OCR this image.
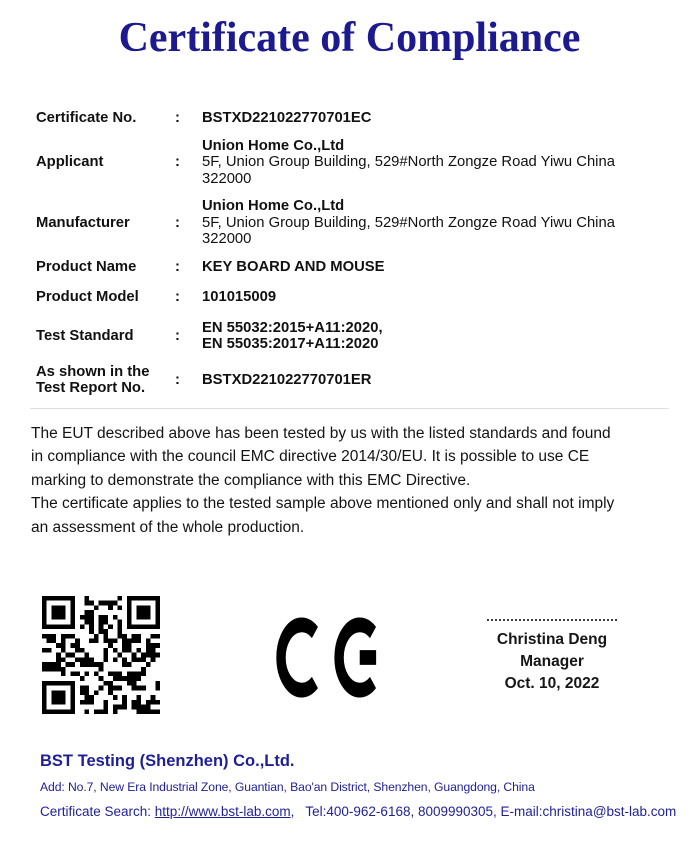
Certificate of Compliance
Certificate No.	:	BSTXD221022770701EC
Applicant	:
Union Home Co.,Ltd
5F, Union Group Building, 529#North Zongze Road Yiwu China
322000
Manufacturer	:
Union Home Co.,Ltd
5F, Union Group Building, 529#North Zongze Road Yiwu China
322000
Product Name	:	KEY BOARD AND MOUSE
Product Model	:	101015009
Test Standard	:
EN 55032:2015+A11:2020,
EN 55035:2017+A11:2020
As shown in the
Test Report No.
:	BSTXD221022770701ER
The EUT described above has been tested by us with the listed standards and found
in compliance with the council EMC directive 2014/30/EU. It is possible to use CE
marking to demonstrate the compliance with this EMC Directive.
The certificate applies to the tested sample above mentioned only and shall not imply
an assessment of the whole production.
Christina Deng
Manager
Oct. 10, 2022
BST Testing (Shenzhen) Co.,Ltd.
Add: No.7, New Era Industrial Zone, Guantian, Bao'an District, Shenzhen, Guangdong, China
Certificate Search: http://www.bst-lab.com,   Tel:400-962-6168, 8009990305, E-mail:christina@bst-lab.com
